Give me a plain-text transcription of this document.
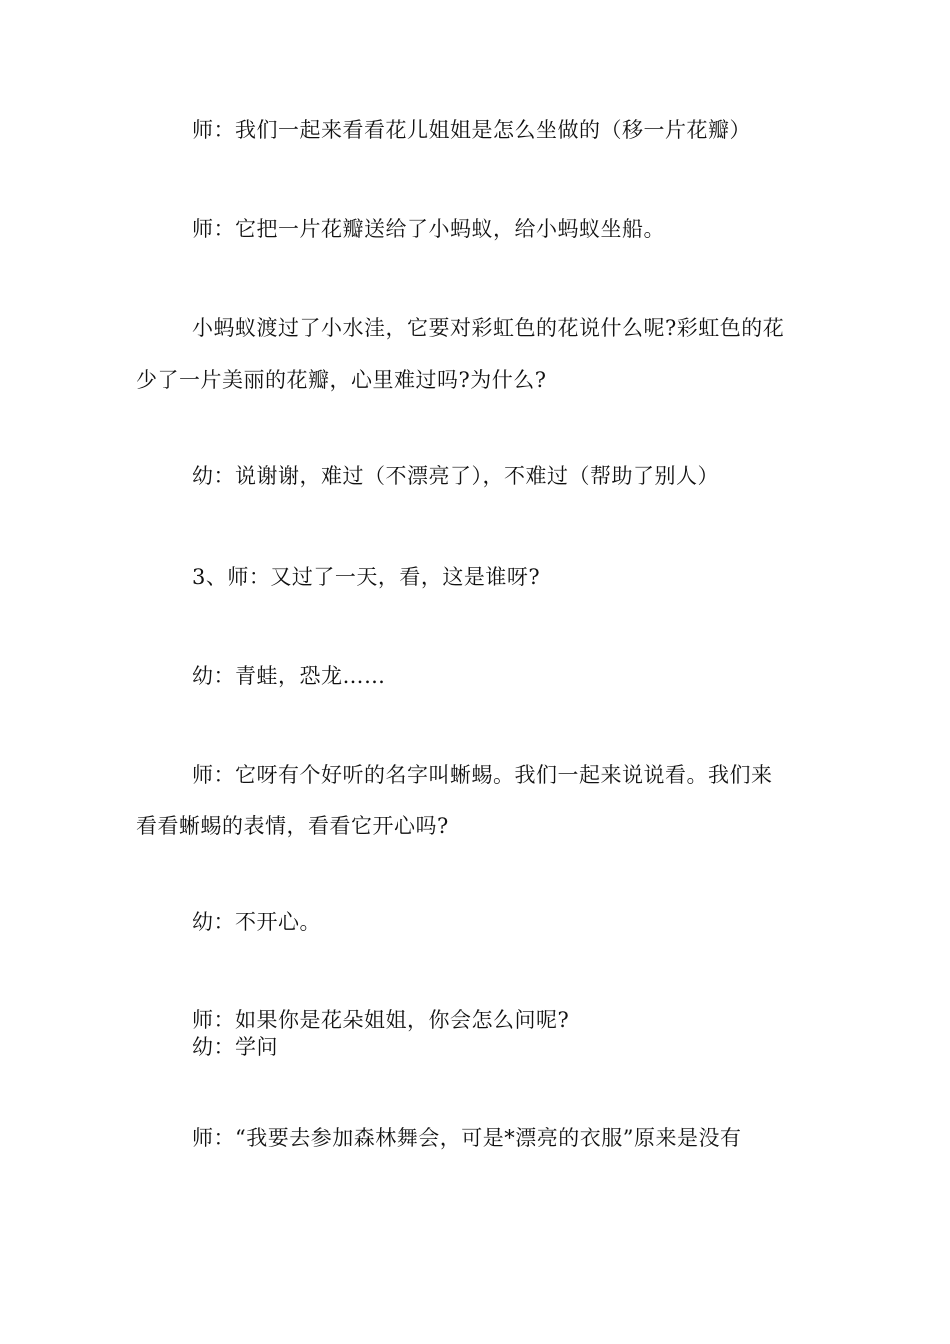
师：我们一起来看看花儿姐姐是怎么坐做的（移一片花瓣）
师：它把一片花瓣送给了小蚂蚁，给小蚂蚁坐船。
小蚂蚁渡过了小水洼，它要对彩虹色的花说什么呢?彩虹色的花
少了一片美丽的花瓣，心里难过吗?为什么?
幼：说谢谢，难过（不漂亮了），不难过（帮助了别人）
3、师：又过了一天，看，这是谁呀?
幼：青蛙，恐龙……
师：它呀有个好听的名字叫蜥蜴。我们一起来说说看。我们来
看看蜥蜴的表情，看看它开心吗?
幼：不开心。
师：如果你是花朵姐姐，你会怎么问呢?
幼：学问
师：“我要去参加森林舞会，可是*漂亮的衣服”原来是没有
